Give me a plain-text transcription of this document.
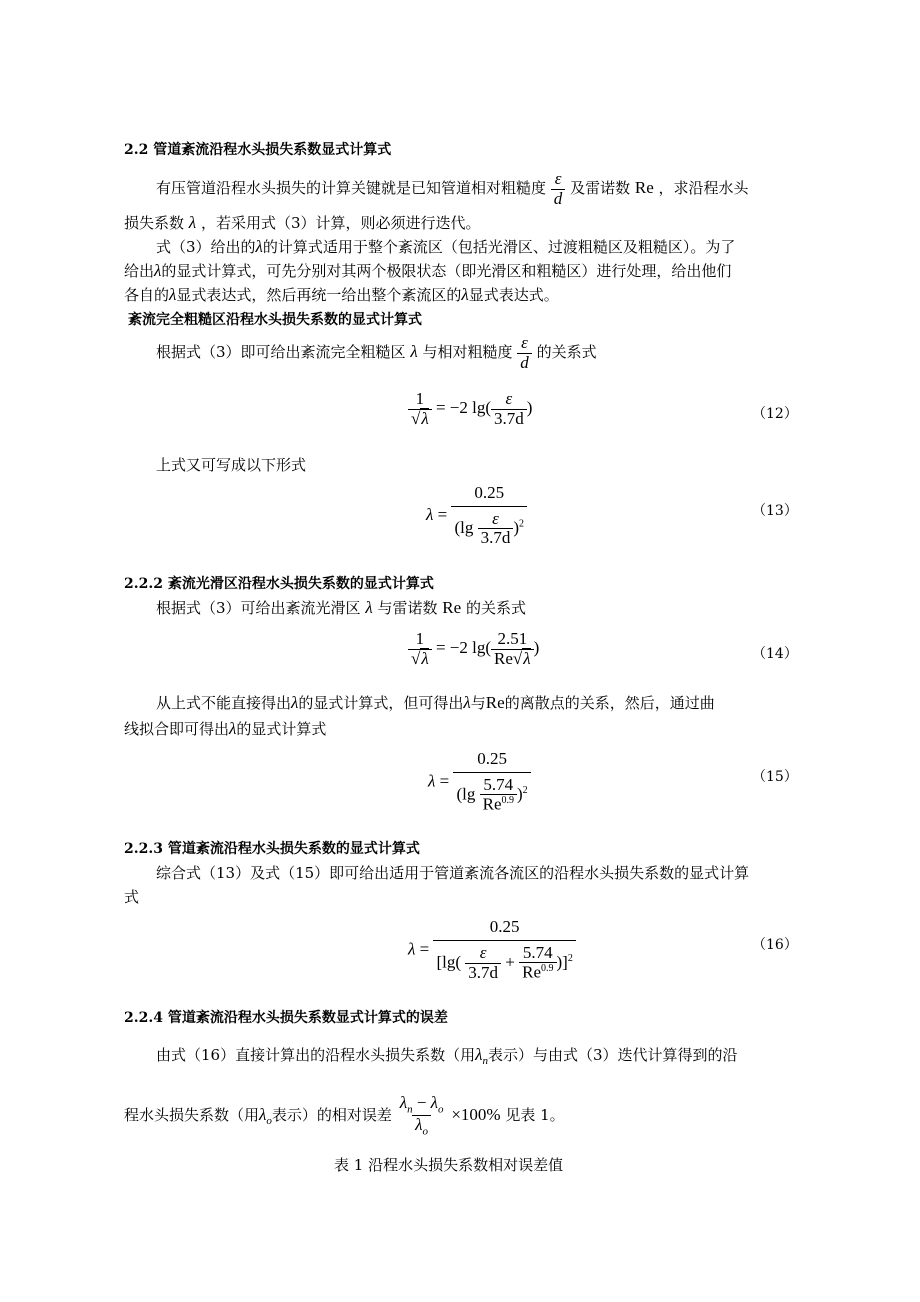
2.2 管道紊流沿程水头损失系数显式计算式
有压管道沿程水头损失的计算关键就是已知管道相对粗糙度 $\frac{\varepsilon}{d}$ 及雷诺数 Re ，求沿程水头
损失系数 λ ，若采用式（3）计算，则必须进行迭代。
式（3）给出的λ的计算式适用于整个紊流区（包括光滑区、过渡粗糙区及粗糙区）。为了
给出λ的显式计算式，可先分别对其两个极限状态（即光滑区和粗糙区）进行处理，给出他们
各自的λ显式表达式，然后再统一给出整个紊流区的λ显式表达式。
紊流完全粗糙区沿程水头损失系数的显式计算式
根据式（3）即可给出紊流完全粗糙区 λ 与相对粗糙度 $\frac{\varepsilon}{d}$ 的关系式
$\frac{1}{√\lambda} = -2$ $\lg( \frac{\varepsilon}{3.7d}$ )	（12）
上式又可写成以下形式
$\lambda = \frac{0.25}{(\lg \frac{\varepsilon}{3.7d} )^2}$	（13）
2.2.2 紊流光滑区沿程水头损失系数的显式计算式
根据式（3）可给出紊流光滑区 λ 与雷诺数 Re 的关系式
$\frac{1}{√\lambda} = -2$ $\lg( \frac{2.51}{Re√\lambda}$ )	（14）
从上式不能直接得出λ的显式计算式，但可得出λ与Re的离散点的关系，然后，通过曲
线拟合即可得出λ的显式计算式
$\lambda = \frac{0.25}{(\lg \frac{5.74}{Re^{0.9}} )^2}$	（15）
2.2.3 管道紊流沿程水头损失系数的显式计算式
综合式（13）及式（15）即可给出适用于管道紊流各流区的沿程水头损失系数的显式计算
式
λ =
0.25
$[\lg( \frac{\varepsilon}{3.7d} + \frac{5.74}{Re^{0.9}} )]^2$
（16）
2.2.4 管道紊流沿程水头损失系数显式计算式的误差
由式（16）直接计算出的沿程水头损失系数（用$\lambda_n$表示）与由式（3）迭代计算得到的沿
程水头损失系数（用$\lambda_o$表示）的相对误差 $\frac{\lambda_n - \lambda_o}{\lambda_o} \times 100\%$ 见表 1。
表 1 沿程水头损失系数相对误差值
